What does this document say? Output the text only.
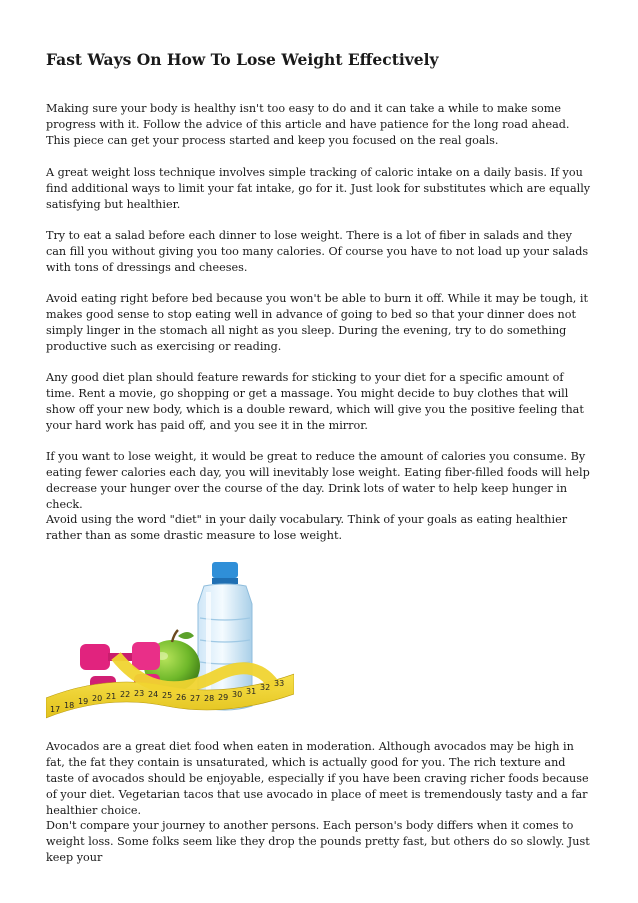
Fast Ways On How To Lose Weight Effectively

Making sure your body is healthy isn't too easy to do and it can take a while to make some progress with it. Follow the advice of this article and have patience for the long road ahead. This piece can get your process started and keep you focused on the real goals.

A great weight loss technique involves simple tracking of caloric intake on a daily basis. If you find additional ways to limit your fat intake, go for it. Just look for substitutes which are equally satisfying but healthier.

Try to eat a salad before each dinner to lose weight. There is a lot of fiber in salads and they can fill you without giving you too many calories. Of course you have to not load up your salads with tons of dressings and cheeses.

Avoid eating right before bed because you won't be able to burn it off. While it may be tough, it makes good sense to stop eating well in advance of going to bed so that your dinner does not simply linger in the stomach all night as you sleep. During the evening, try to do something productive such as exercising or reading.

Any good diet plan should feature rewards for sticking to your diet for a specific amount of time. Rent a movie, go shopping or get a massage. You might decide to buy clothes that will show off your new body, which is a double reward, which will give you the positive feeling that your hard work has paid off, and you see it in the mirror.

If you want to lose weight, it would be great to reduce the amount of calories you consume. By eating fewer calories each day, you will inevitably lose weight. Eating fiber-filled foods will help decrease your hunger over the course of the day. Drink lots of water to help keep hunger in check.

Avoid using the word "diet" in your daily vocabulary. Think of your goals as eating healthier rather than as some drastic measure to lose weight.

17 18 19 20 21 22 23 24 25 26 27 28 29 30 31 32 33

Avocados are a great diet food when eaten in moderation. Although avocados may be high in fat, the fat they contain is unsaturated, which is actually good for you. The rich texture and taste of avocados should be enjoyable, especially if you have been craving richer foods because of your diet. Vegetarian tacos that use avocado in place of meet is tremendously tasty and a far healthier choice.

Don't compare your journey to another persons. Each person's body differs when it comes to weight loss. Some folks seem like they drop the pounds pretty fast, but others do so slowly. Just keep your
